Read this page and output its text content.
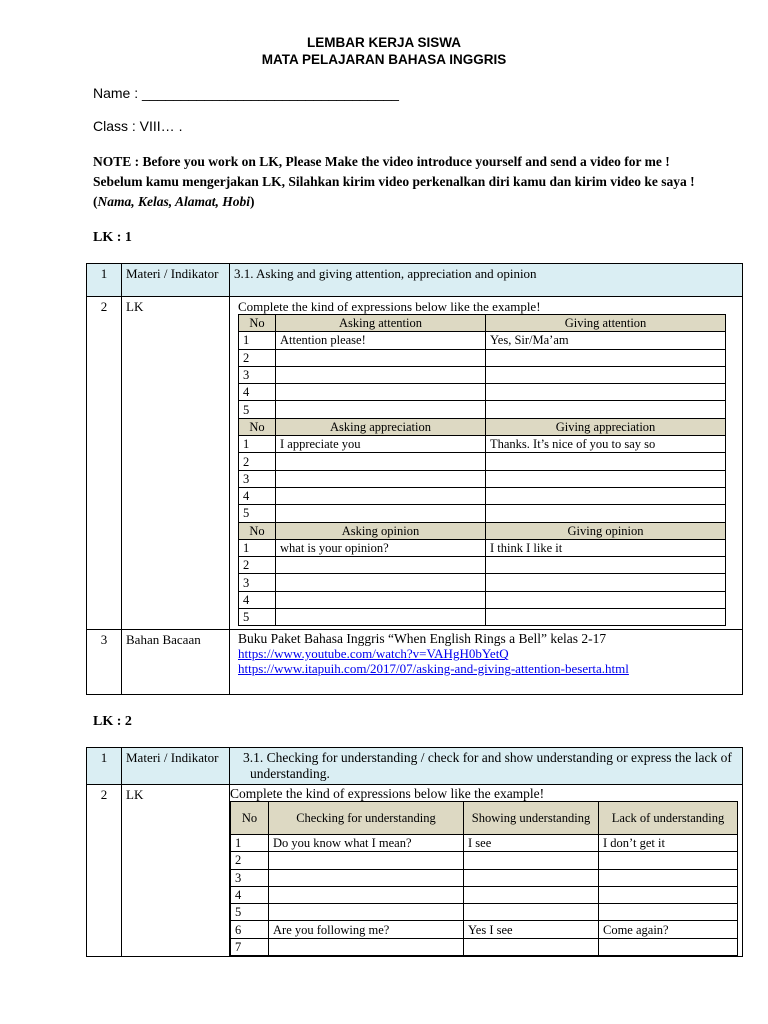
LEMBAR KERJA SISWA
MATA PELAJARAN BAHASA INGGRIS
Name : _________________________________
Class : VIII… .
NOTE : Before you work on LK, Please Make the video introduce yourself and send a video for me ! Sebelum kamu mengerjakan LK, Silahkan kirim video perkenalkan diri kamu dan kirim video ke saya ! (Nama, Kelas, Alamat, Hobi)
LK : 1
1	Materi / Indikator	3.1. Asking and giving attention, appreciation and opinion
2	LK	Complete the kind of expressions below like the example!
No	Asking attention	Giving attention
1	Attention please!	Yes, Sir/Ma’am
2		
3		
4		
5		
No	Asking appreciation	Giving appreciation
1	I appreciate you	Thanks. It’s nice of you to say so
2		
3		
4		
5		
No	Asking opinion	Giving opinion
1	what is your opinion?	I think I like it
2		
3		
4		
5		

3	Bahan Bacaan	Buku Paket Bahasa Inggris “When English Rings a Bell” kelas 2-17
https://www.youtube.com/watch?v=VAHgH0bYetQ
https://www.itapuih.com/2017/07/asking-and-giving-attention-beserta.html
LK : 2
1	Materi / Indikator	3.1. Checking for understanding / check for and show understanding or express the lack of understanding.
2	LK	Complete the kind of expressions below like the example!
No	Checking for understanding	Showing understanding	Lack of understanding
1	Do you know what I mean?	I see	I don’t get it
2			
3			
4			
5			
6	Are you following me?	Yes I see	Come again?
7			
